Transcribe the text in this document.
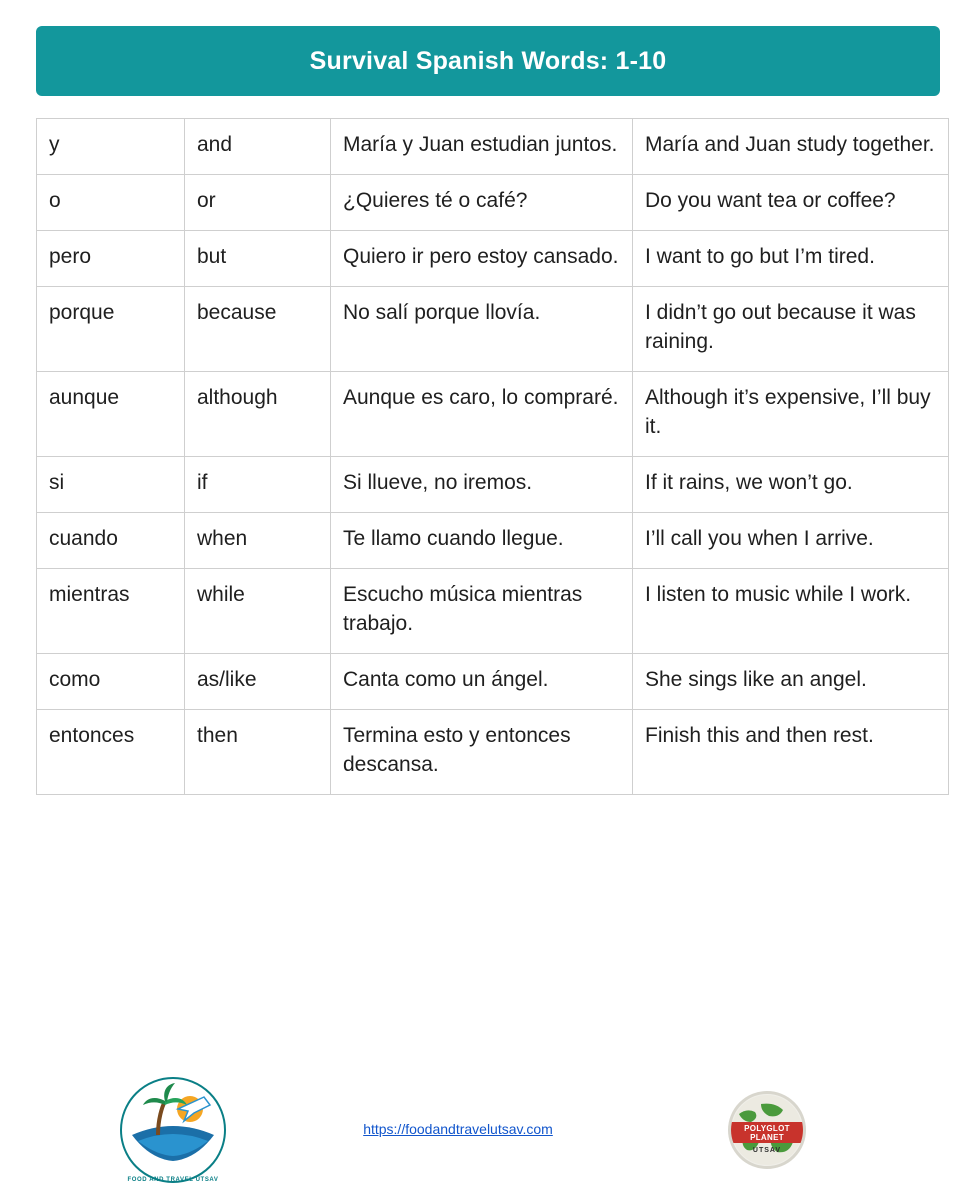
Survival Spanish Words: 1-10
y	and	María y Juan estudian juntos.	María and Juan study together.
o	or	¿Quieres té o café?	Do you want tea or coffee?
pero	but	Quiero ir pero estoy cansado.	I want to go but I’m tired.
porque	because	No salí porque llovía.	I didn’t go out because it was raining.
aunque	although	Aunque es caro, lo compraré.	Although it’s expensive, I’ll buy it.
si	if	Si llueve, no iremos.	If it rains, we won’t go.
cuando	when	Te llamo cuando llegue.	I’ll call you when I arrive.
mientras	while	Escucho música mientras trabajo.	I listen to music while I work.
como	as/like	Canta como un ángel.	She sings like an angel.
entonces	then	Termina esto y entonces descansa.	Finish this and then rest.
FOOD AND TRAVEL UTSAV
https://foodandtravelutsav.com	POLYGLOT PLANET
UTSAV
